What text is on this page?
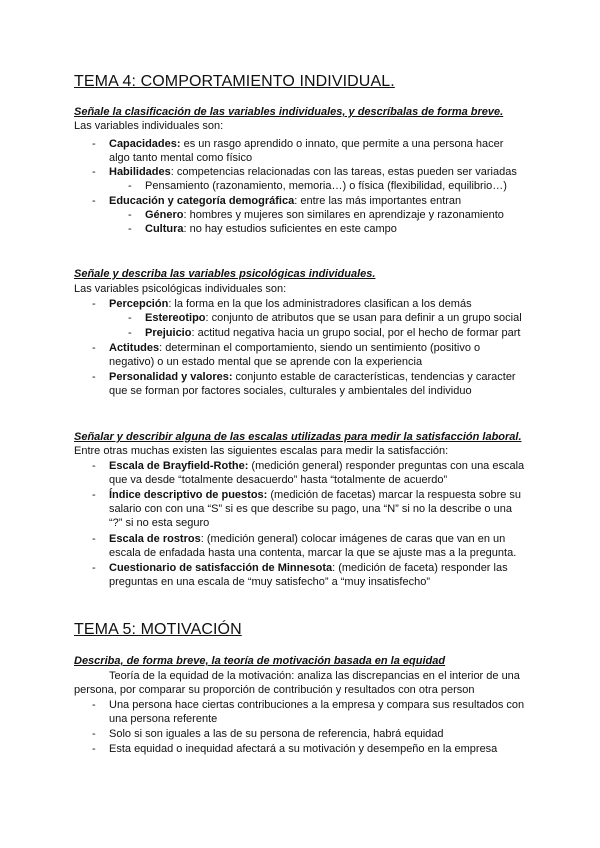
TEMA 4: COMPORTAMIENTO INDIVIDUAL.
Señale la clasificación de las variables individuales, y descríbalas de forma breve.
Las variables individuales son:
- Capacidades: es un rasgo aprendido o innato, que permite a una persona hacer
algo tanto mental como físico
- Habilidades: competencias relacionadas con las tareas, estas pueden ser variadas
- Pensamiento (razonamiento, memoria…) o física (flexibilidad, equilibrio…)
- Educación y categoría demográfica: entre las más importantes entran
- Género: hombres y mujeres son similares en aprendizaje y razonamiento
- Cultura: no hay estudios suficientes en este campo
Señale y describa las variables psicológicas individuales.
Las variables psicológicas individuales son:
- Percepción: la forma en la que los administradores clasifican a los demás
- Estereotipo: conjunto de atributos que se usan para definir a un grupo social
- Prejuicio: actitud negativa hacia un grupo social, por el hecho de formar part
- Actitudes: determinan el comportamiento, siendo un sentimiento (positivo o
negativo) o un estado mental que se aprende con la experiencia
- Personalidad y valores: conjunto estable de características, tendencias y caracter
que se forman por factores sociales, culturales y ambientales del individuo
Señalar y describir alguna de las escalas utilizadas para medir la satisfacción laboral.
Entre otras muchas existen las siguientes escalas para medir la satisfacción:
- Escala de Brayfield-Rothe: (medición general) responder preguntas con una escala
que va desde “totalmente desacuerdo” hasta “totalmente de acuerdo”
- Índice descriptivo de puestos: (medición de facetas) marcar la respuesta sobre su
salario con con una “S” si es que describe su pago, una “N” si no la describe o una
“?” si no esta seguro
- Escala de rostros: (medición general) colocar imágenes de caras que van en un
escala de enfadada hasta una contenta, marcar la que se ajuste mas a la pregunta.
- Cuestionario de satisfacción de Minnesota: (medición de faceta) responder las
preguntas en una escala de “muy satisfecho” a “muy insatisfecho”
TEMA 5: MOTIVACIÓN
Describa, de forma breve, la teoría de motivación basada en la equidad
Teoría de la equidad de la motivación: analiza las discrepancias en el interior de una
persona, por comparar su proporción de contribución y resultados con otra person
- Una persona hace ciertas contribuciones a la empresa y compara sus resultados con
una persona referente
- Solo si son iguales a las de su persona de referencia, habrá equidad
- Esta equidad o inequidad afectará a su motivación y desempeño en la empresa
